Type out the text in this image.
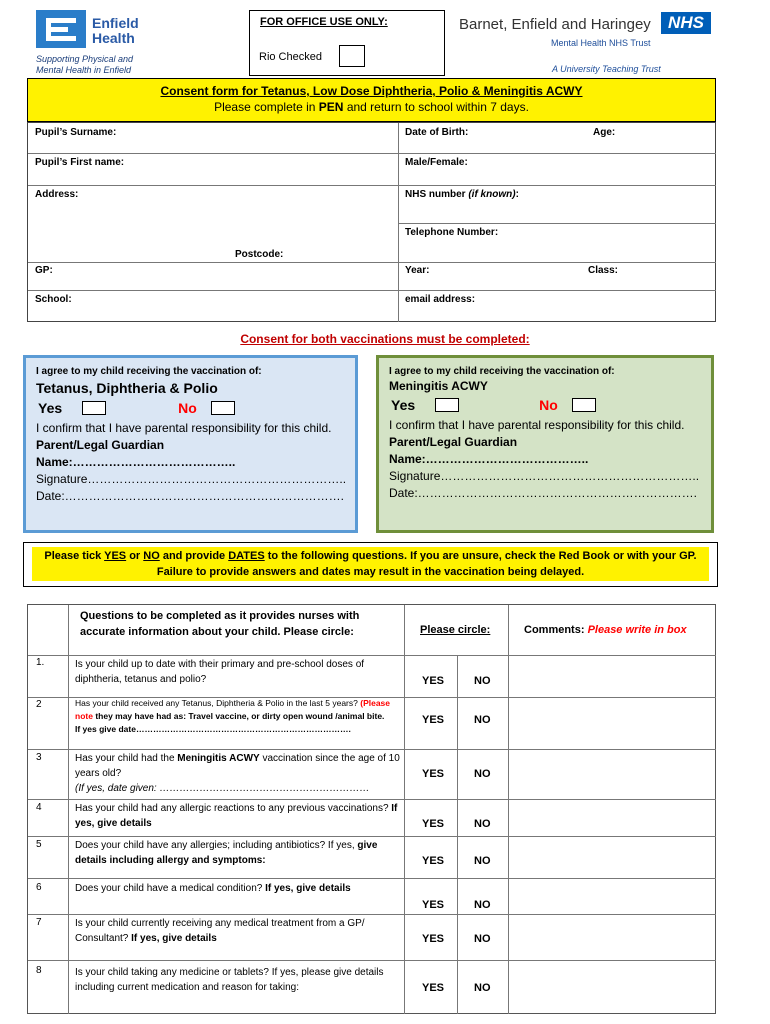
Enfield
Health
Supporting Physical and
Mental Health in Enfield
FOR OFFICE USE ONLY:
Rio Checked
Barnet, Enfield and Haringey	NHS
Mental Health NHS Trust
A University Teaching Trust
Consent form for Tetanus, Low Dose Diphtheria, Polio & Meningitis ACWY
Please complete in PEN and return to school within 7 days.
Pupil’s Surname:	Date of Birth:	Age:
Pupil’s First name:	Male/Female:
Address:	NHS number (if known):
Telephone Number:
Postcode:
GP:	Year:	Class:
School:	email address:
Consent for both vaccinations must be completed:
I agree to my child receiving the vaccination of:
Tetanus, Diphtheria & Polio
Yes	No
I confirm that I have parental responsibility for this child.
Parent/Legal Guardian
Name:…………………………………..
Signature………………………………………………………..
Date:…………………………………………………………….
I agree to my child receiving the vaccination of:
Meningitis ACWY
Yes	No
I confirm that I have parental responsibility for this child.
Parent/Legal Guardian
Name:…………………………………..
Signature………………………………………………………..
Date:…………………………………………………………….
Please tick YES or NO and provide DATES to the following questions. If you are unsure, check the Red Book or with your GP. Failure to provide answers and dates may result in the vaccination being delayed.
Questions to be completed as it provides nurses with accurate information about your child. Please circle:	Please circle:	Comments: Please write in box
1.	Is your child up to date with their primary and pre-school doses of diphtheria, tetanus and polio?	YES	NO
2	Has your child received any Tetanus, Diphtheria & Polio in the last 5 years? (Please note they may have had as: Travel vaccine, or dirty open wound /animal bite.
If yes give date………………………………………………………………….
YES	NO
3	Has your child had the Meningitis ACWY vaccination since the age of 10 years old?
(If yes, date given: ………………………………………………………
YES	NO
4	Has your child had any allergic reactions to any previous vaccinations? If yes, give details	YES	NO
5	Does your child have any allergies; including antibiotics? If yes, give details including allergy and symptoms:	YES	NO
6	Does your child have a medical condition? If yes, give details
YES	NO
7	Is your child currently receiving any medical treatment from a GP/ Consultant? If yes, give details	YES	NO
8	Is your child taking any medicine or tablets? If yes, please give details including current medication and reason for taking:	YES	NO
